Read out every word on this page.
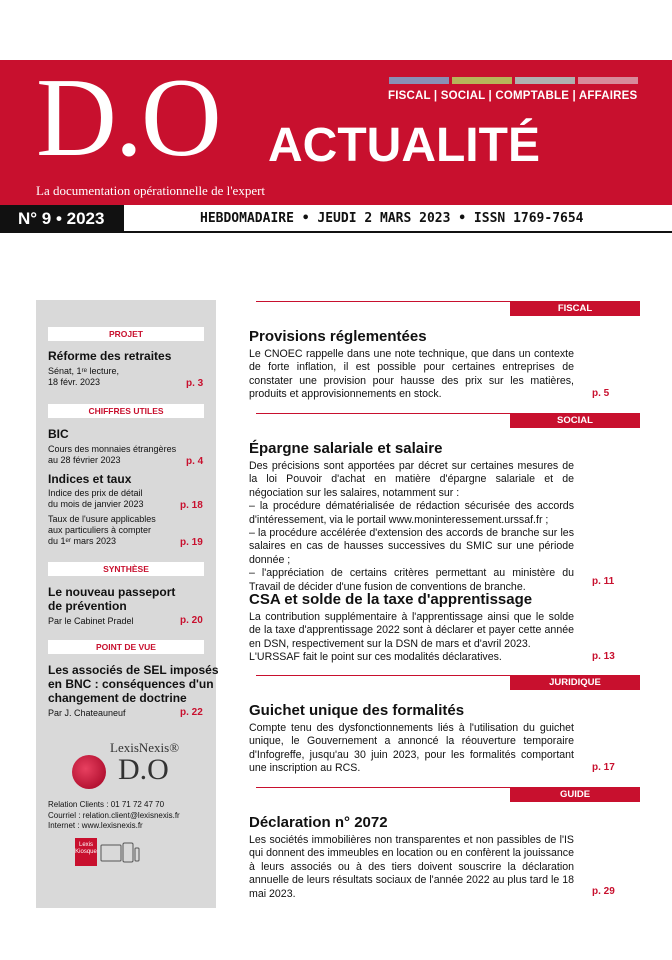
FISCAL | SOCIAL | COMPTABLE | AFFAIRES
D.O ACTUALITÉ
La documentation opérationnelle de l'expert
N° 9 • 2023	HEBDOMADAIRE • JEUDI 2 MARS 2023 • ISSN 1769-7654
PROJET
Réforme des retraites
Sénat, 1ʳᵉ lecture,
18 févr. 2023	p. 3
CHIFFRES UTILES
BIC
Cours des monnaies étrangères
au 28 février 2023	p. 4
Indices et taux
Indice des prix de détail
du mois de janvier 2023	p. 18
Taux de l'usure applicables
aux particuliers à compter
du 1ᵉʳ mars 2023	p. 19
SYNTHÈSE
Le nouveau passeport
de prévention
Par le Cabinet Pradel	p. 20
POINT DE VUE
Les associés de SEL imposés
en BNC : conséquences d'un
changement de doctrine
Par J. Chateauneuf	p. 22
LexisNexis®
D.O
Relation Clients : 01 71 72 47 70
Courriel : relation.client@lexisnexis.fr
Internet : www.lexisnexis.fr
Lexis Kiosque
FISCAL
Provisions réglementées
Le CNOEC rappelle dans une note technique, que dans un contexte de forte inflation, il est possible pour certaines entreprises de constater une provision pour hausse des prix sur les matières, produits et approvisionnements en stock.	p. 5
SOCIAL
Épargne salariale et salaire
Des précisions sont apportées par décret sur certaines mesures de la loi Pouvoir d'achat en matière d'épargne salariale et de négociation sur les salaires, notamment sur :
– la procédure dématérialisée de rédaction sécurisée des accords d'intéressement, via le portail www.moninteressement.urssaf.fr ;
– la procédure accélérée d'extension des accords de branche sur les salaires en cas de hausses successives du SMIC sur une période donnée ;
– l'appréciation de certains critères permettant au ministère du Travail de décider d'une fusion de conventions de branche.	p. 11
CSA et solde de la taxe d'apprentissage
La contribution supplémentaire à l'apprentissage ainsi que le solde de la taxe d'apprentissage 2022 sont à déclarer et payer cette année en DSN, respectivement sur la DSN de mars et d'avril 2023.
L'URSSAF fait le point sur ces modalités déclaratives.	p. 13
JURIDIQUE
Guichet unique des formalités
Compte tenu des dysfonctionnements liés à l'utilisation du guichet unique, le Gouvernement a annoncé la réouverture temporaire d'Infogreffe, jusqu'au 30 juin 2023, pour les formalités comportant une inscription au RCS.	p. 17
GUIDE
Déclaration n° 2072
Les sociétés immobilières non transparentes et non passibles de l'IS qui donnent des immeubles en location ou en confèrent la jouissance à leurs associés ou à des tiers doivent souscrire la déclaration annuelle de leurs résultats sociaux de l'année 2022 au plus tard le 18 mai 2023.	p. 29
